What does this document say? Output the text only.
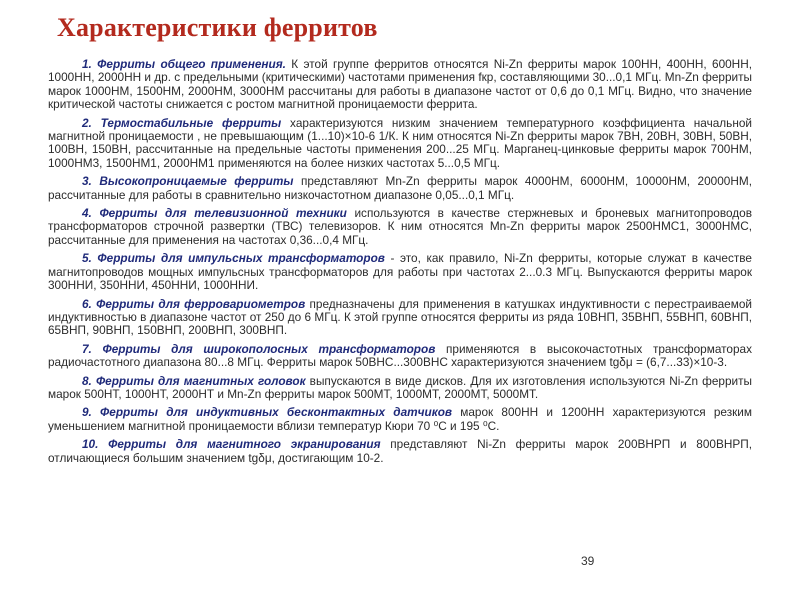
Характеристики ферритов

1. Ферриты общего применения. К этой группе ферритов относятся Ni-Zn ферриты марок 100НН, 400НН, 600НН, 1000НН, 2000НН и др. с предельными (критическими) частотами применения fкр, составляющими 30...0,1 МГц. Mn-Zn ферриты марок 1000НМ, 1500НМ, 2000НМ, 3000НМ рассчитаны для работы в диапазоне частот от 0,6 до 0,1 МГц. Видно, что значение критической частоты снижается с ростом магнитной проницаемости феррита.

2. Термостабильные ферриты характеризуются низким значением температурного коэффициента начальной магнитной проницаемости , не превышающим (1...10)×10-6 1/К. К ним относятся Ni-Zn ферриты марок 7ВН, 20ВН, 30ВН, 50ВН, 100ВН, 150ВН, рассчитанные на предельные частоты применения 200...25 МГц. Марганец-цинковые ферриты марок 700НМ, 1000НМ3, 1500НМ1, 2000НМ1 применяются на более низких частотах 5...0,5 МГц.

3. Высокопроницаемые ферриты представляют Mn-Zn ферриты марок 4000НМ, 6000НМ, 10000НМ, 20000НМ, рассчитанные для работы в сравнительно низкочастотном диапазоне 0,05...0,1 МГц.

4. Ферриты для телевизионной техники используются в качестве стержневых и броневых магнитопроводов трансформаторов строчной развертки (ТВС) телевизоров. К ним относятся Mn-Zn ферриты марок 2500НМС1, 3000НМС, рассчитанные для применения на частотах 0,36...0,4 МГц.

5. Ферриты для импульсных трансформаторов - это, как правило, Ni-Zn ферриты, которые служат в качестве магнитопроводов мощных импульсных трансформаторов для работы при частотах 2...0.3 МГц. Выпускаются ферриты марок 300ННИ, 350ННИ, 450ННИ, 1000ННИ.

6. Ферриты для ферровариометров предназначены для применения в катушках индуктивности с перестраиваемой индуктивностью в диапазоне частот от 250 до 6 МГц. К этой группе относятся ферриты из ряда 10ВНП, 35ВНП, 55ВНП, 60ВНП, 65ВНП, 90ВНП, 150ВНП, 200ВНП, 300ВНП.

7. Ферриты для широкополосных трансформаторов применяются в высокочастотных трансформаторах радиочастотного диапазона 80...8 МГц. Ферриты марок 50ВНС...300ВНС характеризуются значением tgδμ = (6,7...33)×10-3.

8. Ферриты для магнитных головок выпускаются в виде дисков. Для их изготовления используются Ni-Zn ферриты марок 500НТ, 1000НТ, 2000НТ и Mn-Zn ферриты марок 500МТ, 1000МТ, 2000МТ, 5000МТ.

9. Ферриты для индуктивных бесконтактных датчиков марок 800НН и 1200НН характеризуются резким уменьшением магнитной проницаемости вблизи температур Кюри 70 ⁰С и 195 ⁰С.

10. Ферриты для магнитного экранирования представляют Ni-Zn ферриты марок 200ВНРП и 800ВНРП, отличающиеся большим значением tgδμ, достигающим 10-2.

39
